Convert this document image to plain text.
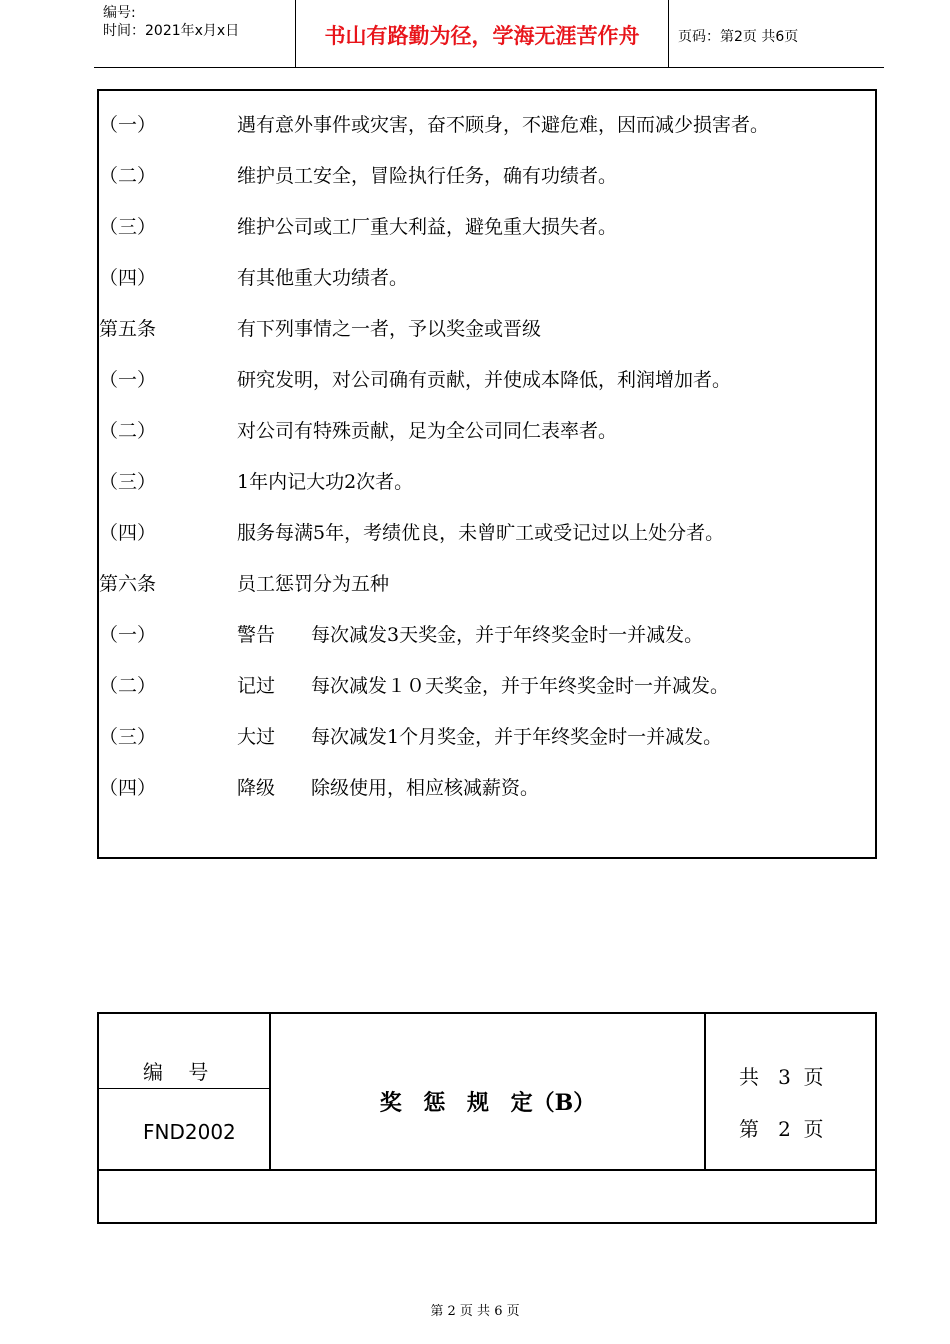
编号:
时间：2021年x月x日	书山有路勤为径，学海无涯苦作舟	页码：第2页 共6页
（一）	遇有意外事件或灾害，奋不顾身，不避危难，因而减少损害者。
（二）	维护员工安全，冒险执行任务，确有功绩者。
（三）	维护公司或工厂重大利益，避免重大损失者。
（四）	有其他重大功绩者。
第五条	有下列事情之一者，予以奖金或晋级
（一）	研究发明，对公司确有贡献，并使成本降低，利润增加者。
（二）	对公司有特殊贡献，足为全公司同仁表率者。
（三）	1年内记大功2次者。
（四）	服务每满5年，考绩优良，未曾旷工或受记过以上处分者。
第六条	员工惩罚分为五种
（一）	警告 每次减发3天奖金，并于年终奖金时一并减发。
（二）	记过 每次减发１０天奖金，并于年终奖金时一并减发。
（三）	大过 每次减发1个月奖金，并于年终奖金时一并减发。
（四）	降级 除级使用，相应核减薪资。
编    号
FND2002
奖 惩 规 定（B）
共   3  页
第   2  页
第 2 页 共 6 页
